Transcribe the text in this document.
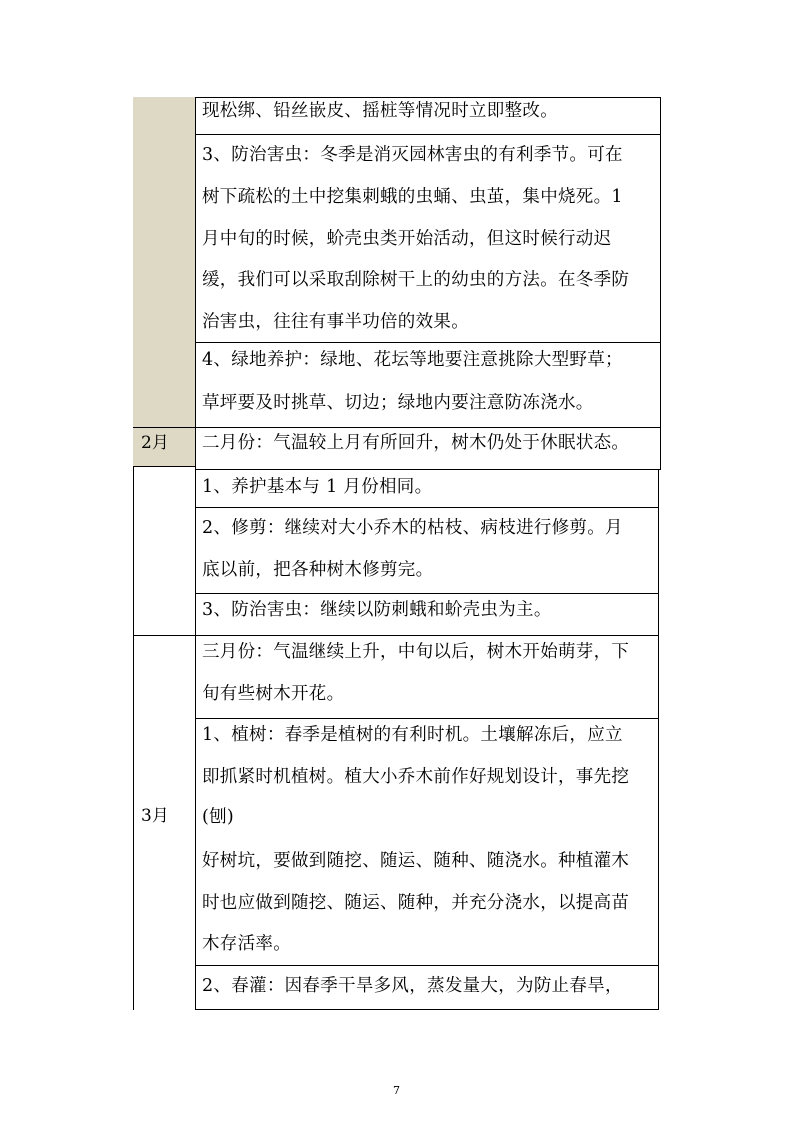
2月
3月
现松绑、铅丝嵌皮、摇桩等情况时立即整改。
3、防治害虫：冬季是消灭园林害虫的有利季节。可在
树下疏松的土中挖集刺蛾的虫蛹、虫茧，集中烧死。1
月中旬的时候，蚧壳虫类开始活动，但这时候行动迟
缓，我们可以采取刮除树干上的幼虫的方法。在冬季防
治害虫，往往有事半功倍的效果。
4、绿地养护：绿地、花坛等地要注意挑除大型野草；
草坪要及时挑草、切边；绿地内要注意防冻浇水。
二月份：气温较上月有所回升，树木仍处于休眠状态。
1、养护基本与 1 月份相同。
2、修剪：继续对大小乔木的枯枝、病枝进行修剪。月
底以前，把各种树木修剪完。
3、防治害虫：继续以防刺蛾和蚧壳虫为主。
三月份：气温继续上升，中旬以后，树木开始萌芽，下
旬有些树木开花。
1、植树：春季是植树的有利时机。土壤解冻后，应立
即抓紧时机植树。植大小乔木前作好规划设计，事先挖
(刨)
好树坑，要做到随挖、随运、随种、随浇水。种植灌木
时也应做到随挖、随运、随种，并充分浇水，以提高苗
木存活率。
2、春灌：因春季干旱多风，蒸发量大，为防止春旱，
7
